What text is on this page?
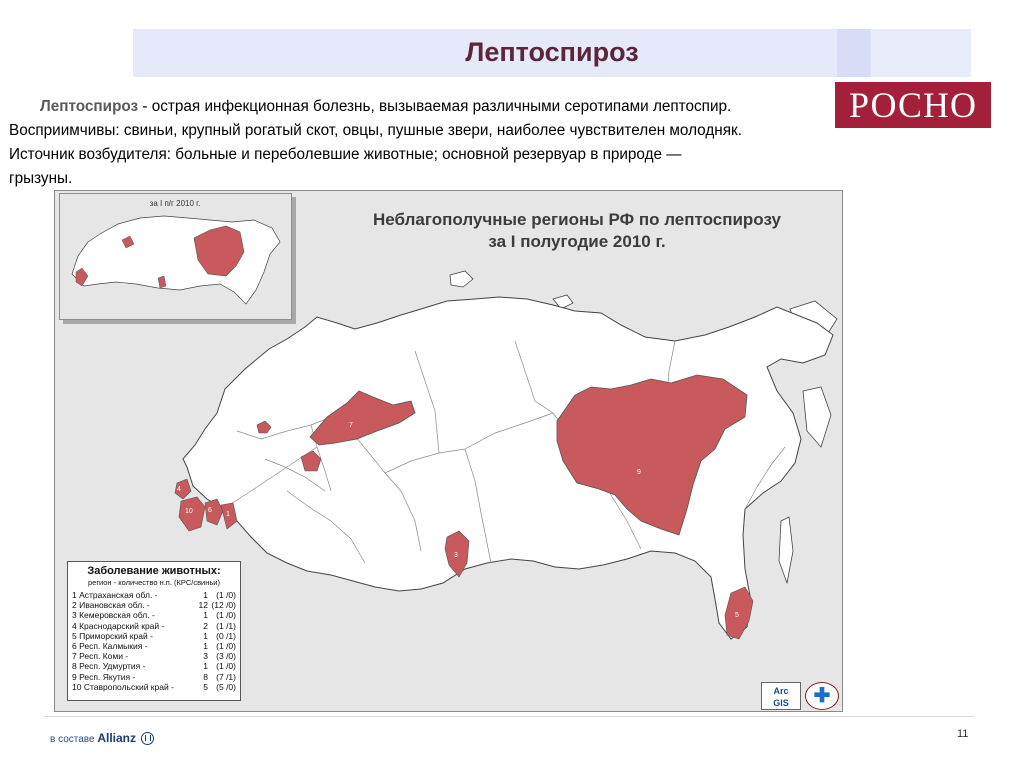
Лептоспироз
РОСНО

Лептоспироз - острая инфекционная болезнь, вызываемая различными серотипами лептоспир.

Восприимчивы: свиньи, крупный рогатый скот, овцы, пушные звери, наиболее чувствителен молодняк.

Источник возбудителя: больные и переболевшие животные; основной резервуар в природе —

грызуны.

7
9
4
10 6
1
3
5
за I п/г 2010 г.
Неблагополучные регионы РФ по лептоспирозу
за I полугодие 2010 г.
Заболевание животных:
регион - количество н.п. (КРС/свиньи)
1 Астраханская обл. -	1 (1 /0)
2 Ивановская обл. -	12 (12 /0)
3 Кемеровская обл. -	1 (1 /0)
4 Краснодарский край -	2 (1 /1)
5 Приморский край -	1 (0 /1)
6 Респ. Калмыкия -	1 (1 /0)
7 Респ. Коми -	3 (3 /0)
8 Респ. Удмуртия -	1 (1 /0)
9 Респ. Якутия -	8 (7 /1)
10 Ставропольский край -	5 (5 /0)	Arc
GIS	✚
в составе Allianz	11
